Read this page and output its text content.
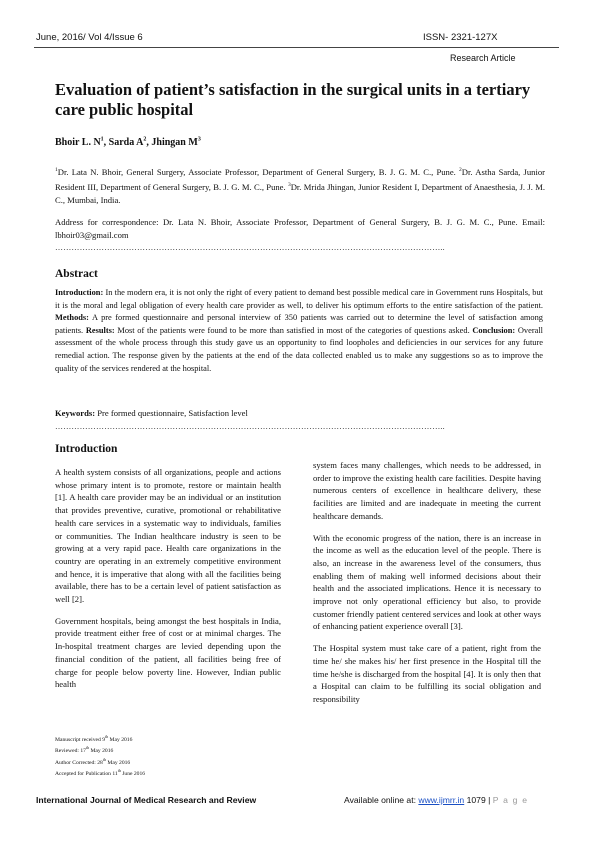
June, 2016/ Vol 4/Issue 6	ISSN- 2321-127X
Research Article
Evaluation of patient’s satisfaction in the surgical units in a tertiary care public hospital
Bhoir L. $N^1$, Sarda $A^2$, Jhingan $M^3$
$^1$Dr. Lata N. Bhoir, General Surgery, Associate Professor, Department of General Surgery, B. J. G. M. C., Pune. $^2$Dr. Astha Sarda, Junior Resident III, Department of General Surgery, B. J. G. M. C., Pune. $^3$Dr. Mrida Jhingan, Junior Resident I, Department of Anaesthesia, J. J. M. C., Mumbai, India.
Address for correspondence: Dr. Lata N. Bhoir, Associate Professor, Department of General Surgery, B. J. G. M. C., Pune. Email: lbhoir03@gmail.com
……………………………………………………………………………………………………………………………..
Abstract
Introduction: In the modern era, it is not only the right of every patient to demand best possible medical care in Government runs Hospitals, but it is the moral and legal obligation of every health care provider as well, to deliver his optimum efforts to the entire satisfaction of the patient. Methods: A pre formed questionnaire and personal interview of 350 patients was carried out to determine the level of satisfaction among patients. Results: Most of the patients were found to be more than satisfied in most of the categories of questions asked. Conclusion: Overall assessment of the whole process through this study gave us an opportunity to find loopholes and deficiencies in our services for any future remedial action. The response given by the patients at the end of the data collected enabled us to make any suggestions so as to improve the quality of the services rendered at the hospital.
Keywords: Pre formed questionnaire, Satisfaction level
……………………………………………………………………………………………………………………………..
Introduction

A health system consists of all organizations, people and actions whose primary intent is to promote, restore or maintain health [1]. A health care provider may be an individual or an institution that provides preventive, curative, promotional or rehabilitative health care services in a systematic way to individuals, families or communities. The Indian healthcare industry is seen to be growing at a very rapid pace. Health care organizations in the country are operating in an extremely competitive environment and hence, it is imperative that along with all the facilities being available, there has to be a certain level of patient satisfaction as well [2].

Government hospitals, being amongst the best hospitals in India, provide treatment either free of cost or at minimal charges. The In-hospital treatment charges are levied depending upon the financial condition of the patient, all facilities being free of charge for people below poverty line. However, Indian public health

system faces many challenges, which needs to be addressed, in order to improve the existing health care facilities. Despite having numerous centers of excellence in healthcare delivery, these facilities are limited and are inadequate in meeting the current healthcare demands.

With the economic progress of the nation, there is an increase in the income as well as the education level of the people. There is also, an increase in the awareness level of the consumers, thus enabling them of making well informed decisions about their health and the associated implications. Hence it is necessary to improve not only operational efficiency but also, to provide customer friendly patient centered services and look at other ways of enhancing patient experience overall [3].

The Hospital system must take care of a patient, right from the time he/ she makes his/ her first presence in the Hospital till the time he/she is discharged from the hospital [4]. It is only then that a Hospital can claim to be fulfilling its social obligation and responsibility

Manuscript received 9th May 2016
Reviewed: 17th May 2016
Author Corrected: 28th May 2016
Accepted for Publication 11th June 2016
International Journal of Medical Research and Review	Available online at: www.ijmrr.in 1079 | P a g e
